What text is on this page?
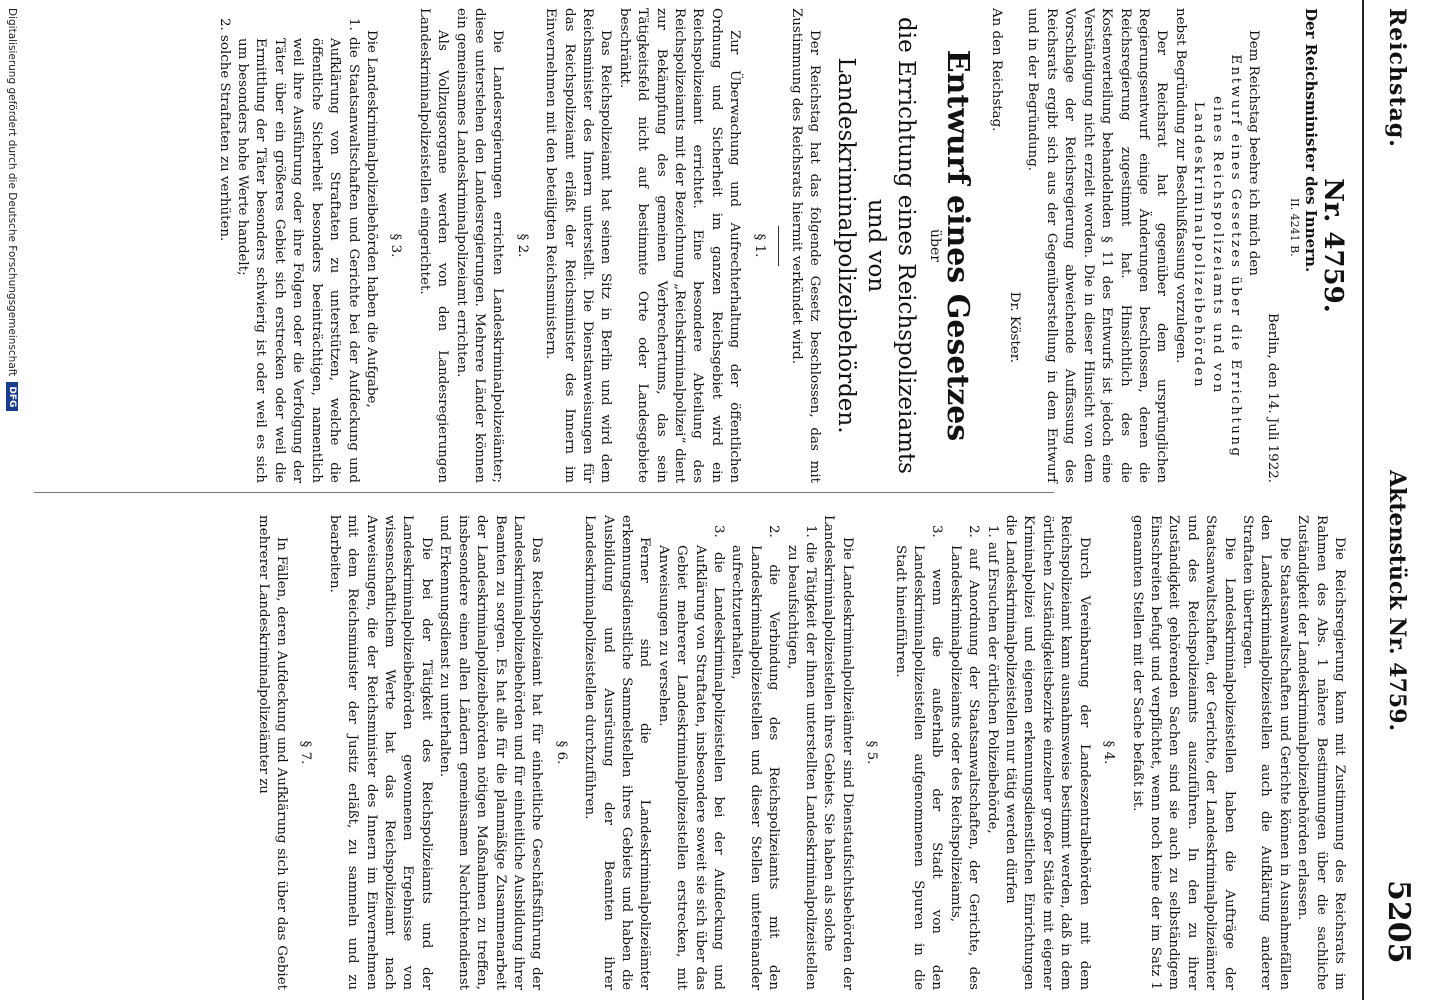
Reichstag.
Aktenstück Nr. 4759.
5205
Nr. 4759.
Der Reichsminister des Innern.
II. 4241 B.
Berlin, den 14. Juli 1922.

Dem Reichstag beehre ich mich den

Entwurf eines Gesetzes über die Errichtung eines Reichspolizeiamts und von Landeskriminalpolizeibehörden

nebst Begründung zur Beschlußfassung vorzulegen.

Der Reichsrat hat gegenüber dem ursprünglichen Regierungsentwurf einige Änderungen beschlossen, denen die Reichsregierung zugestimmt hat. Hinsichtlich des die Kostenverteilung behandelnden § 11 des Entwurfs ist jedoch eine Verständigung nicht erzielt worden. Die in dieser Hinsicht von dem Vorschlage der Reichsregierung abweichende Auffassung des Reichsrats ergibt sich aus der Gegenüberstellung in dem Entwurf und in der Begründung.

Dr. Köster.

An den Reichstag.

Entwurf eines Gesetzes
über
die Errichtung eines Reichspolizeiamts und von Landeskriminalpolizeibehörden.

Der Reichstag hat das folgende Gesetz beschlossen, das mit Zustimmung des Reichsrats hiermit verkündet wird.

§ 1.

Zur Überwachung und Aufrechterhaltung der öffentlichen Ordnung und Sicherheit im ganzen Reichsgebiet wird ein Reichspolizeiamt errichtet. Eine besondere Abteilung des Reichspolizeiamts mit der Bezeichnung „Reichskriminalpolizei“ dient zur Bekämpfung des gemeinen Verbrechertums, das sein Tätigkeitsfeld nicht auf bestimmte Orte oder Landesgebiete beschränkt.

Das Reichspolizeiamt hat seinen Sitz in Berlin und wird dem Reichsminister des Innern unterstellt. Die Dienstanweisungen für das Reichspolizeiamt erläßt der Reichsminister des Innern im Einvernehmen mit den beteiligten Reichsministern.

§ 2.

Die Landesregierungen errichten Landeskriminalpolizeiämter; diese unterstehen den Landesregierungen. Mehrere Länder können ein gemeinsames Landeskriminalpolizeiamt errichten.

Als Vollzugsorgane werden von den Landesregierungen Landeskriminalpolizeistellen eingerichtet.

§ 3.

Die Landeskriminalpolizeibehörden haben die Aufgabe,

1. die Staatsanwaltschaften und Gerichte bei der Aufdeckung und Aufklärung von Straftaten zu unterstützen, welche die öffentliche Sicherheit besonders beeinträchtigen, namentlich weil ihre Ausführung oder ihre Folgen oder die Verfolgung der Täter über ein größeres Gebiet sich erstrecken oder weil die Ermittlung der Täter besonders schwierig ist oder weil es sich um besonders hohe Werte handelt;

2. solche Straftaten zu verhüten.

Die Reichsregierung kann mit Zustimmung des Reichsrats im Rahmen des Abs. 1 nähere Bestimmungen über die sachliche Zuständigkeit der Landeskriminalpolizeibehörden erlassen.

Die Staatsanwaltschaften und Gerichte können in Ausnahmefällen den Landeskriminalpolizeistellen auch die Aufklärung anderer Straftaten übertragen.

Die Landeskriminalpolizeistellen haben die Aufträge der Staatsanwaltschaften, der Gerichte, der Landeskriminalpolizeiämter und des Reichspolizeiamts auszuführen. In den zu ihrer Zuständigkeit gehörenden Sachen sind sie auch zu selbständigem Einschreiten befugt und verpflichtet, wenn noch keine der im Satz 1 genannten Stellen mit der Sache befaßt ist.

§ 4.

Durch Vereinbarung der Landeszentralbehörden mit dem Reichspolizeiamt kann ausnahmsweise bestimmt werden, daß in dem örtlichen Zuständigkeitsbezirke einzelner großer Städte mit eigener Kriminalpolizei und eigenen erkennungsdienstlichen Einrichtungen die Landeskriminalpolizeistellen nur tätig werden dürfen

1. auf Ersuchen der örtlichen Polizeibehörde,

2. auf Anordnung der Staatsanwaltschaften, der Gerichte, des Landeskriminalpolizeiamts oder des Reichspolizeiamts,

3. wenn die außerhalb der Stadt von den Landeskriminalpolizeistellen aufgenommenen Spuren in die Stadt hineinführen.

§ 5.

Die Landeskriminalpolizeiämter sind Dienstaufsichtsbehörden der Landeskriminalpolizeistellen ihres Gebiets. Sie haben als solche

1. die Tätigkeit der ihnen unterstellten Landeskriminalpolizeistellen zu beaufsichtigen,

2. die Verbindung des Reichspolizeiamts mit den Landeskriminalpolizeistellen und dieser Stellen untereinander aufrechtzuerhalten,

3. die Landeskriminalpolizeistellen bei der Aufdeckung und Aufklärung von Straftaten, insbesondere soweit sie sich über das Gebiet mehrerer Landeskriminalpolizeistellen erstrecken, mit Anweisungen zu versehen.

Ferner sind die Landeskriminalpolizeiämter erkennungsdienstliche Sammelstellen ihres Gebiets und haben die Ausbildung und Ausrüstung der Beamten ihrer Landeskriminalpolizeistellen durchzuführen.

§ 6.

Das Reichspolizeiamt hat für einheitliche Geschäftsführung der Landeskriminalpolizeibehörden und für einheitliche Ausbildung ihrer Beamten zu sorgen. Es hat alle für die planmäßige Zusammenarbeit der Landeskriminalpolizeibehörden nötigen Maßnahmen zu treffen, insbesondere einen allen Ländern gemeinsamen Nachrichtendienst und Erkennungsdienst zu unterhalten.

Die bei der Tätigkeit des Reichspolizeiamts und der Landeskriminalpolizeibehörden gewonnenen Ergebnisse von wissenschaftlichem Werte hat das Reichspolizeiamt nach Anweisungen, die der Reichsminister des Innern im Einvernehmen mit dem Reichsminister der Justiz erläßt, zu sammeln und zu bearbeiten.

§ 7.

In Fällen, deren Aufdeckung und Aufklärung sich über das Gebiet mehrerer Landeskriminalpolizeiämter zu

Digitalisierung gefördert durch die Deutsche Forschungsgemeinschaft
DFG
